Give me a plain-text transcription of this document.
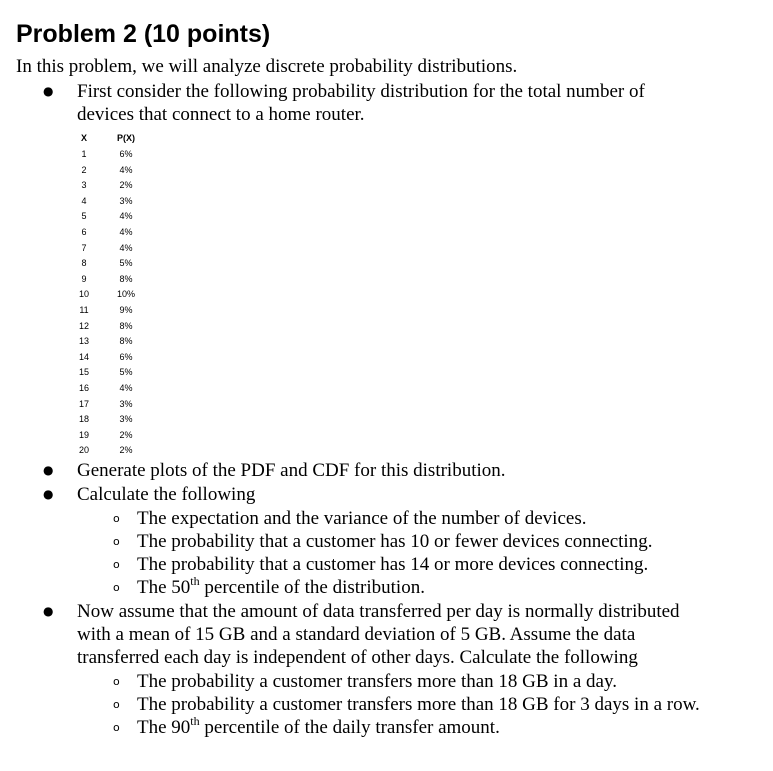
Problem 2 (10 points)

In this problem, we will analyze discrete probability distributions.

● First consider the following probability distribution for the total number of

devices that connect to a home router.

X	P(X)
1	6%
2	4%
3	2%
4	3%
5	4%
6	4%
7	4%
8	5%
9	8%
10	10%
11	9%
12	8%
13	8%
14	6%
15	5%
16	4%
17	3%
18	3%
19	2%
20	2%
● Generate plots of the PDF and CDF for this distribution.

● Calculate the following

o The expectation and the variance of the number of devices.

o The probability that a customer has 10 or fewer devices connecting.

o The probability that a customer has 14 or more devices connecting.

o The 50th percentile of the distribution.

● Now assume that the amount of data transferred per day is normally distributed

with a mean of 15 GB and a standard deviation of 5 GB. Assume the data

transferred each day is independent of other days. Calculate the following

o The probability a customer transfers more than 18 GB in a day.

o The probability a customer transfers more than 18 GB for 3 days in a row.

o The 90th percentile of the daily transfer amount.
